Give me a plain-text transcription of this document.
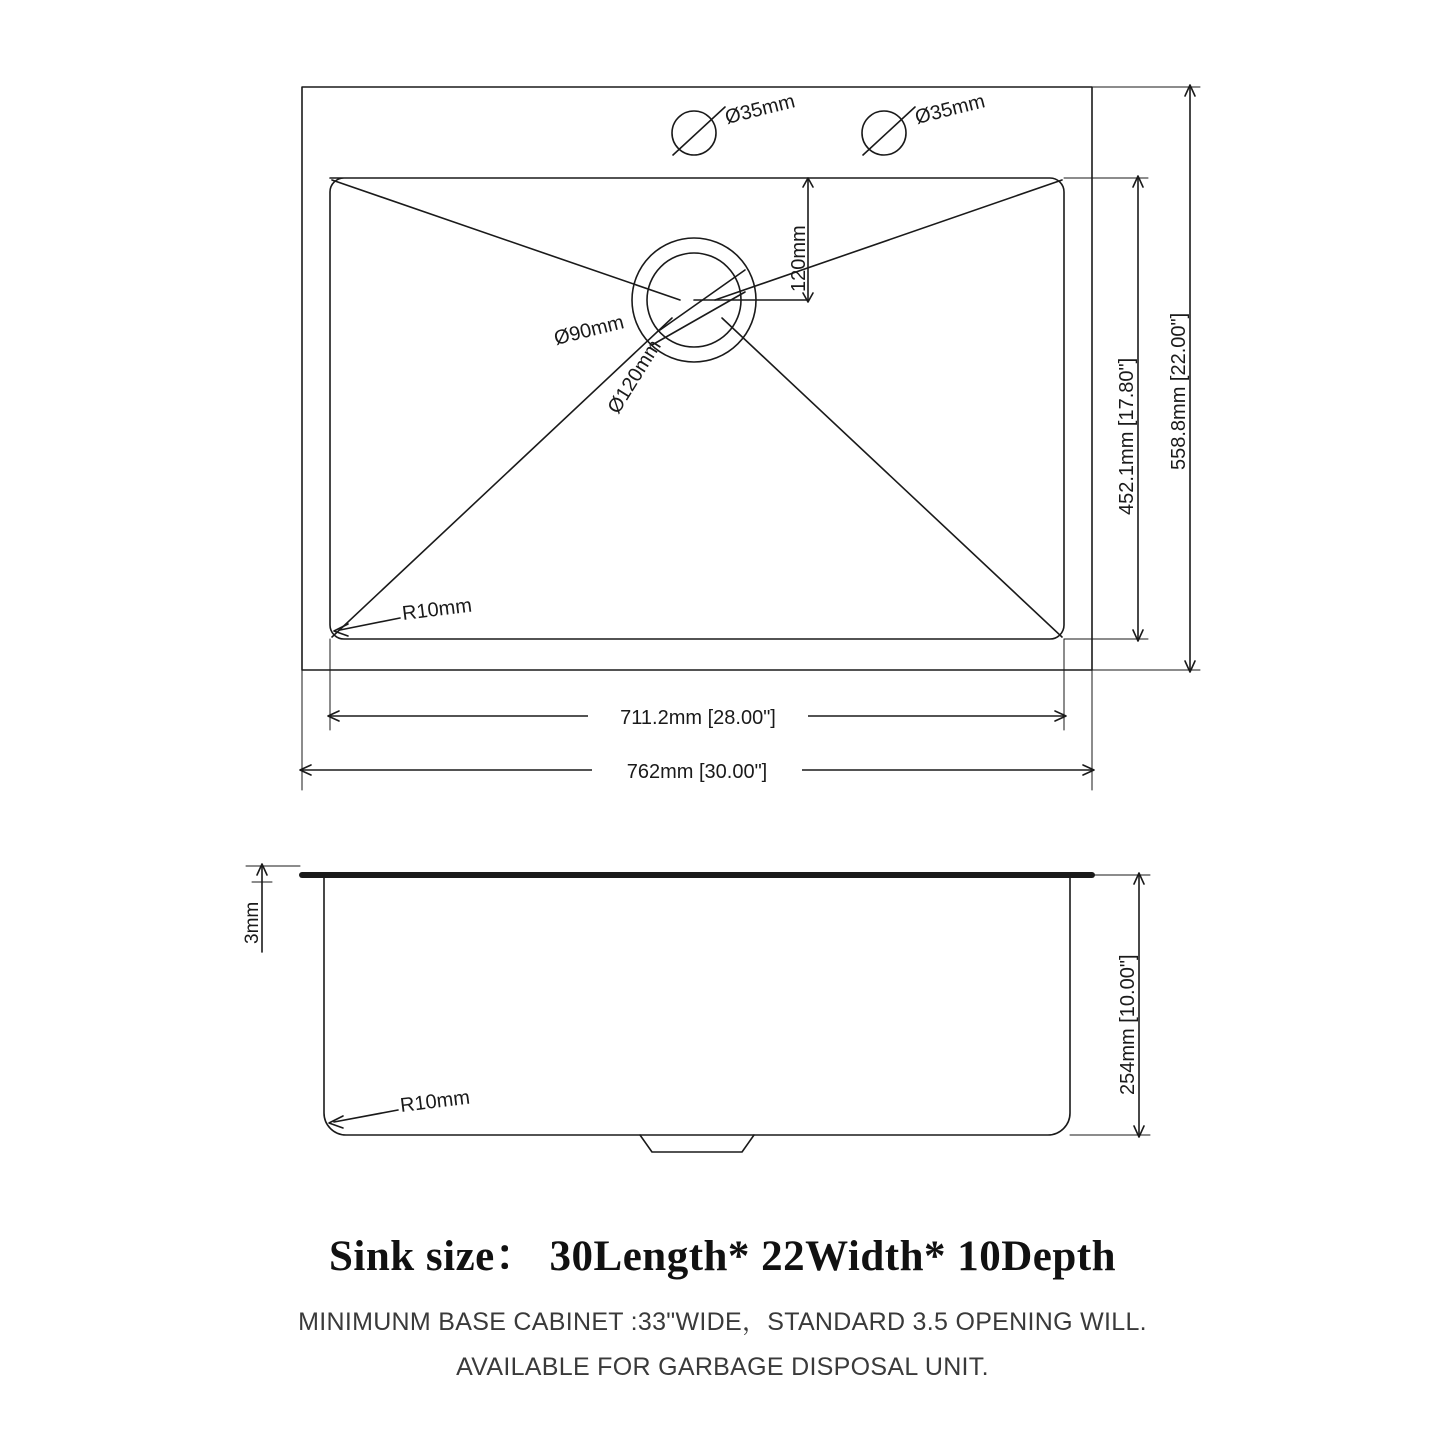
Ø35mm	Ø35mm
Ø90mm
Ø120mm
120mm
R10mm
452.1mm [17.80"] 558.8mm [22.00"]
711.2mm [28.00"]
762mm [30.00"]
3mm
R10mm
254mm [10.00"]
Sink size： 30Length* 22Width* 10Depth
MINIMUNM BASE CABINET :33"WIDE，STANDARD 3.5 OPENING WILL.
AVAILABLE FOR GARBAGE DISPOSAL UNIT.
